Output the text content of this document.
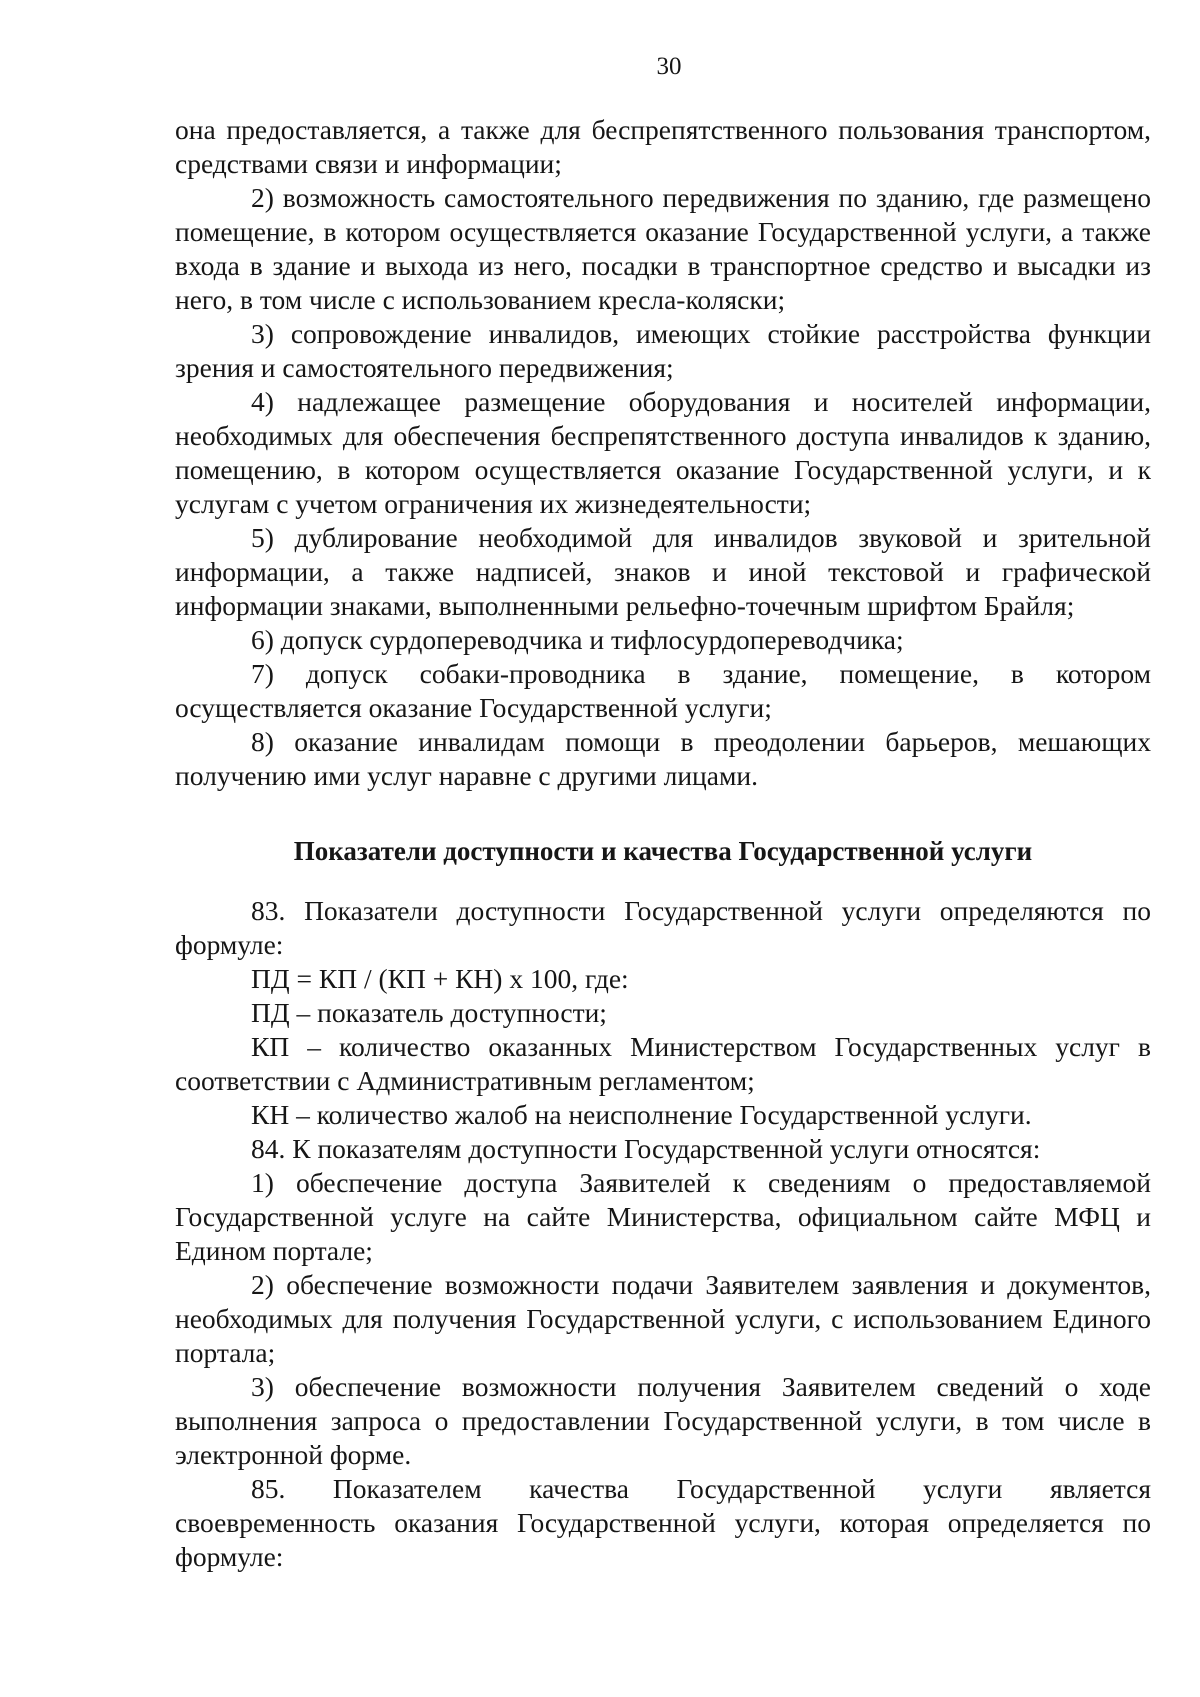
30

она предоставляется, а также для беспрепятственного пользования транспортом, средствами связи и информации;

2) возможность самостоятельного передвижения по зданию, где размещено помещение, в котором осуществляется оказание Государственной услуги, а также входа в здание и выхода из него, посадки в транспортное средство и высадки из него, в том числе с использованием кресла-коляски;

3) сопровождение инвалидов, имеющих стойкие расстройства функции зрения и самостоятельного передвижения;

4) надлежащее размещение оборудования и носителей информации, необходимых для обеспечения беспрепятственного доступа инвалидов к зданию, помещению, в котором осуществляется оказание Государственной услуги, и к услугам с учетом ограничения их жизнедеятельности;

5) дублирование необходимой для инвалидов звуковой и зрительной информации, а также надписей, знаков и иной текстовой и графической информации знаками, выполненными рельефно-точечным шрифтом Брайля;

6) допуск сурдопереводчика и тифлосурдопереводчика;

7) допуск собаки-проводника в здание, помещение, в котором осуществляется оказание Государственной услуги;

8) оказание инвалидам помощи в преодолении барьеров, мешающих получению ими услуг наравне с другими лицами.

Показатели доступности и качества Государственной услуги

83. Показатели доступности Государственной услуги определяются по формуле:

ПД = КП / (КП + КН) х 100, где:

ПД – показатель доступности;

КП – количество оказанных Министерством Государственных услуг в соответствии с Административным регламентом;

КН – количество жалоб на неисполнение Государственной услуги.

84. К показателям доступности Государственной услуги относятся:

1) обеспечение доступа Заявителей к сведениям о предоставляемой Государственной услуге на сайте Министерства, официальном сайте МФЦ и Едином портале;

2) обеспечение возможности подачи Заявителем заявления и документов, необходимых для получения Государственной услуги, с использованием Единого портала;

3) обеспечение возможности получения Заявителем сведений о ходе выполнения запроса о предоставлении Государственной услуги, в том числе в электронной форме.

85. Показателем качества Государственной услуги является своевременность оказания Государственной услуги, которая определяется по формуле:
